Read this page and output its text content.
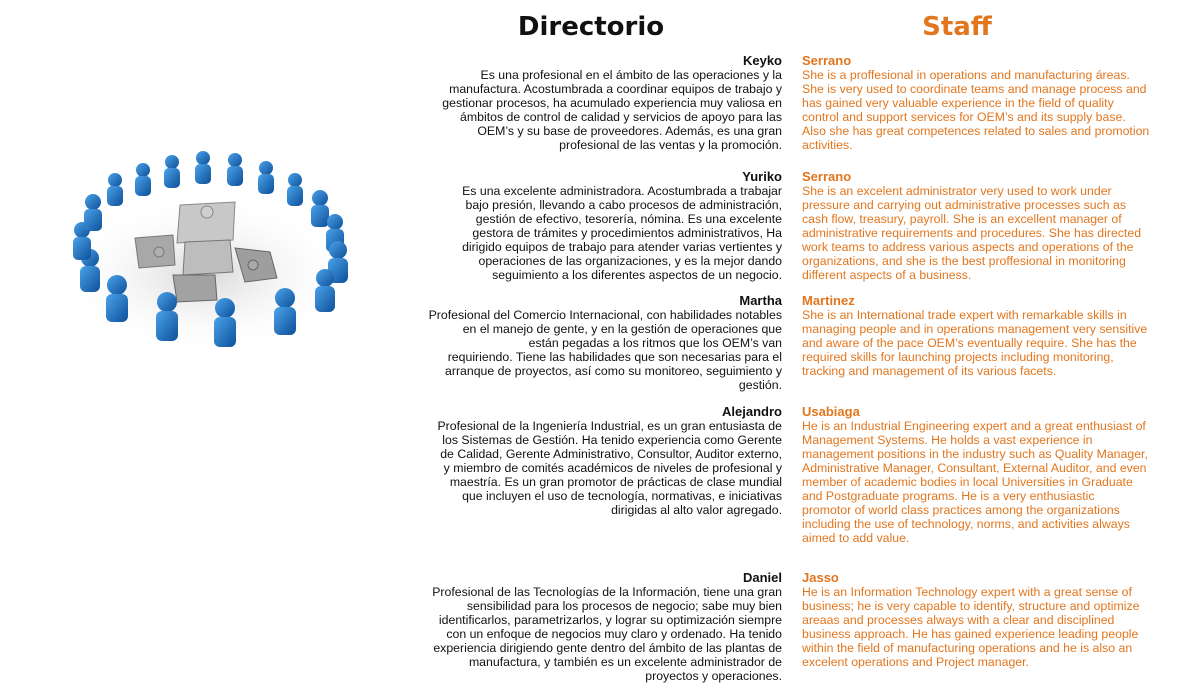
Directorio	Staff
Keyko
Es una profesional en el ámbito de las operaciones y la
manufactura. Acostumbrada a coordinar equipos de trabajo y
gestionar procesos, ha acumulado experiencia muy valiosa en
ámbitos de control de calidad y servicios de apoyo para las
OEM’s y su base de proveedores. Además, es una gran
profesional de las ventas y la promoción.
Serrano
She is a proffesional in operations and manufacturing áreas.
She is very used to coordinate teams and manage process and
has gained very valuable experience in the field of quality
control and support services for OEM’s and its supply base.
Also she has great competences related to sales and promotion
activities.
Yuriko
Es una excelente administradora. Acostumbrada a trabajar
bajo presión, llevando a cabo procesos de administración,
gestión de efectivo, tesorería, nómina. Es una excelente
gestora de trámites y procedimientos administrativos, Ha
dirigido equipos de trabajo para atender varias vertientes y
operaciones de las organizaciones, y es la mejor dando
seguimiento a los diferentes aspectos de un negocio.
Serrano
She is an excelent administrator very used to work under
pressure and carrying out administrative processes such as
cash flow, treasury, payroll. She is an excellent manager of
administrative requirements and procedures. She has directed
work teams to address various aspects and operations of the
organizations, and she is the best proffesional in monitoring
different aspects of a business.
Martha
Profesional del Comercio Internacional, con habilidades notables
en el manejo de gente, y en la gestión de operaciones que
están pegadas a los ritmos que los OEM’s van
requiriendo. Tiene las habilidades que son necesarias para el
arranque de proyectos, así como su monitoreo, seguimiento y
gestión.
Martinez
She is an International trade expert with remarkable skills in
managing people and in operations management very sensitive
and aware of the pace OEM’s eventually require. She has the
required skills for launching projects including monitoring,
tracking and management of its various facets.
Alejandro
Profesional de la Ingeniería Industrial, es un gran entusiasta de
los Sistemas de Gestión. Ha tenido experiencia como Gerente
de Calidad, Gerente Administrativo, Consultor, Auditor externo,
y miembro de comités académicos de niveles de profesional y
maestría. Es un gran promotor de prácticas de clase mundial
que incluyen el uso de tecnología, normativas, e iniciativas
dirigidas al alto valor agregado.
Usabiaga
He is an Industrial Engineering expert and a great enthusiast of
Management Systems. He holds a vast experience in
management positions in the industry such as Quality Manager,
Administrative Manager, Consultant, External Auditor, and even
member of academic bodies in local Universities in Graduate
and Postgraduate programs. He is a very enthusiastic
promotor of world class practices among the organizations
including the use of technology, norms, and activities always
aimed to add value.
Daniel
Profesional de las Tecnologías de la Información, tiene una gran
sensibilidad para los procesos de negocio; sabe muy bien
identificarlos, parametrizarlos, y lograr su optimización siempre
con un enfoque de negocios muy claro y ordenado. Ha tenido
experiencia dirigiendo gente dentro del ámbito de las plantas de
manufactura, y también es un excelente administrador de
proyectos y operaciones.
Jasso
He is an Information Technology expert with a great sense of
business; he is very capable to identify, structure and optimize
areaas and processes always with a clear and disciplined
business approach. He has gained experience leading people
within the field of manufacturing operations and he is also an
excelent operations and Project manager.
